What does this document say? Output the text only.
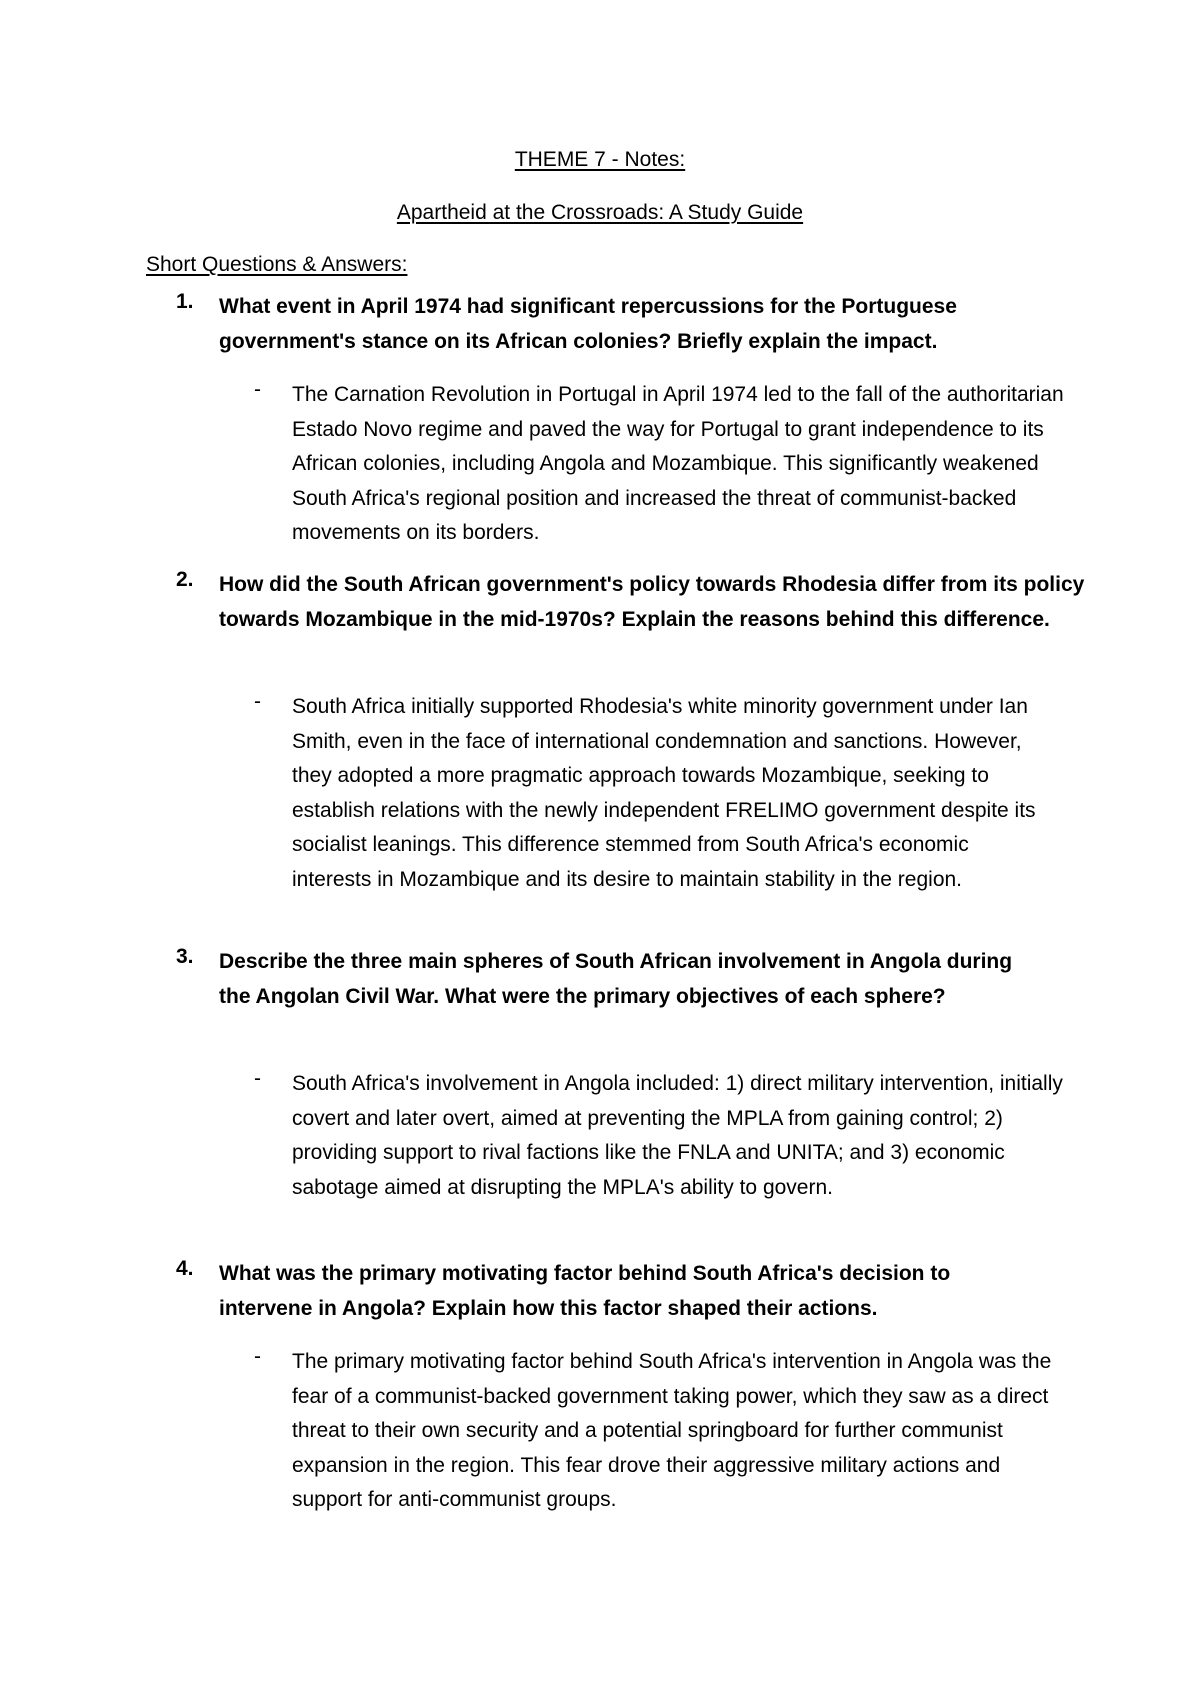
THEME 7 - Notes:
Apartheid at the Crossroads: A Study Guide
Short Questions & Answers:
1. What event in April 1974 had significant repercussions for the Portuguese government's stance on its African colonies? Briefly explain the impact.

- The Carnation Revolution in Portugal in April 1974 led to the fall of the authoritarian Estado Novo regime and paved the way for Portugal to grant independence to its African colonies, including Angola and Mozambique. This significantly weakened South Africa's regional position and increased the threat of communist-backed movements on its borders.

2. How did the South African government's policy towards Rhodesia differ from its policy towards Mozambique in the mid-1970s? Explain the reasons behind this difference.

- South Africa initially supported Rhodesia's white minority government under Ian Smith, even in the face of international condemnation and sanctions. However, they adopted a more pragmatic approach towards Mozambique, seeking to establish relations with the newly independent FRELIMO government despite its socialist leanings. This difference stemmed from South Africa's economic interests in Mozambique and its desire to maintain stability in the region.

3. Describe the three main spheres of South African involvement in Angola during the Angolan Civil War. What were the primary objectives of each sphere?

- South Africa's involvement in Angola included: 1) direct military intervention, initially covert and later overt, aimed at preventing the MPLA from gaining control; 2) providing support to rival factions like the FNLA and UNITA; and 3) economic sabotage aimed at disrupting the MPLA's ability to govern.

4. What was the primary motivating factor behind South Africa's decision to intervene in Angola? Explain how this factor shaped their actions.

- The primary motivating factor behind South Africa's intervention in Angola was the fear of a communist-backed government taking power, which they saw as a direct threat to their own security and a potential springboard for further communist expansion in the region. This fear drove their aggressive military actions and support for anti-communist groups.
